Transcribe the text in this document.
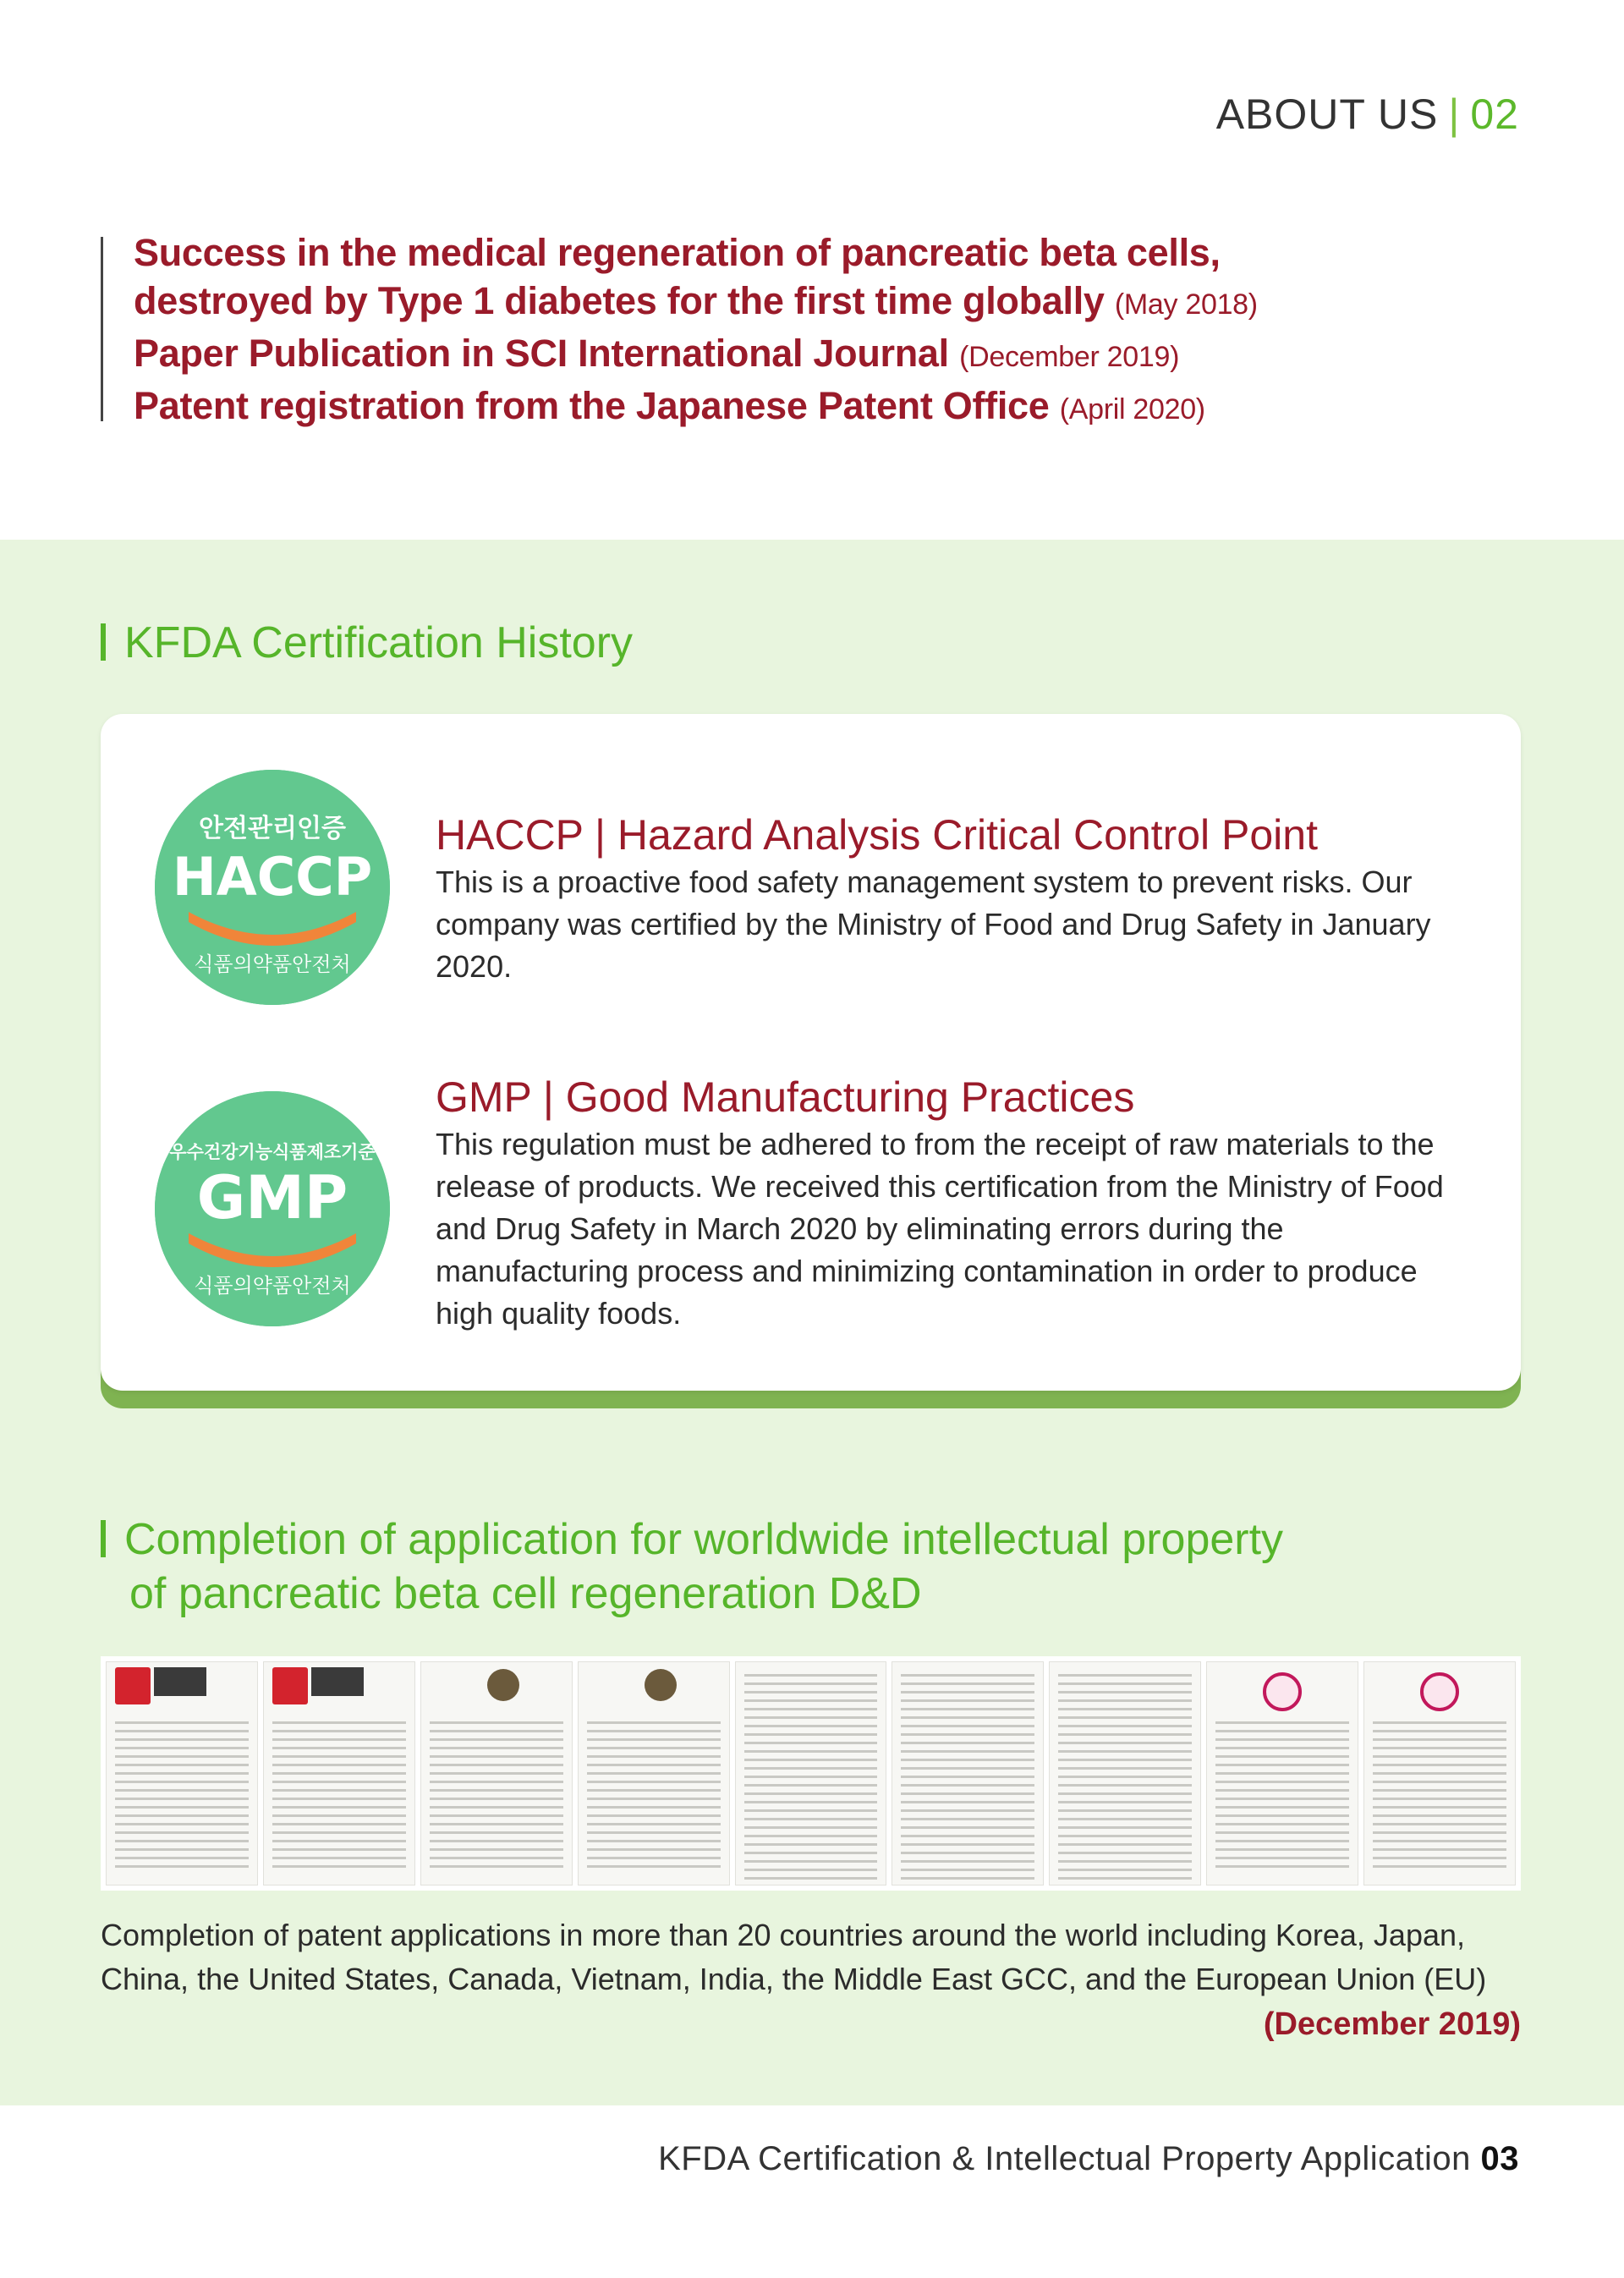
ABOUT US | 02
Success in the medical regeneration of pancreatic beta cells,
destroyed by Type 1 diabetes for the first time globally (May 2018)
Paper Publication in SCI International Journal (December 2019)
Patent registration from the Japanese Patent Office (April 2020)
KFDA Certification History
안전관리인증
HACCP
식품의약품안전처
HACCP | Hazard Analysis Critical Control Point
This is a proactive food safety management system to prevent risks. Our company was certified by the Ministry of Food and Drug Safety in January 2020.
우수건강기능식품제조기준
GMP
식품의약품안전처
GMP | Good Manufacturing Practices
This regulation must be adhered to from the receipt of raw materials to the release of products. We received this certification from the Ministry of Food and Drug Safety in March 2020 by eliminating errors during the manufacturing process and minimizing contamination in order to produce high quality foods.
Completion of application for worldwide intellectual property
of pancreatic beta cell regeneration D&D
Completion of patent applications in more than 20 countries around the world including Korea, Japan, China, the United States, Canada, Vietnam, India, the Middle East GCC, and the European Union (EU)
(December 2019)
KFDA Certification & Intellectual Property Application 03
